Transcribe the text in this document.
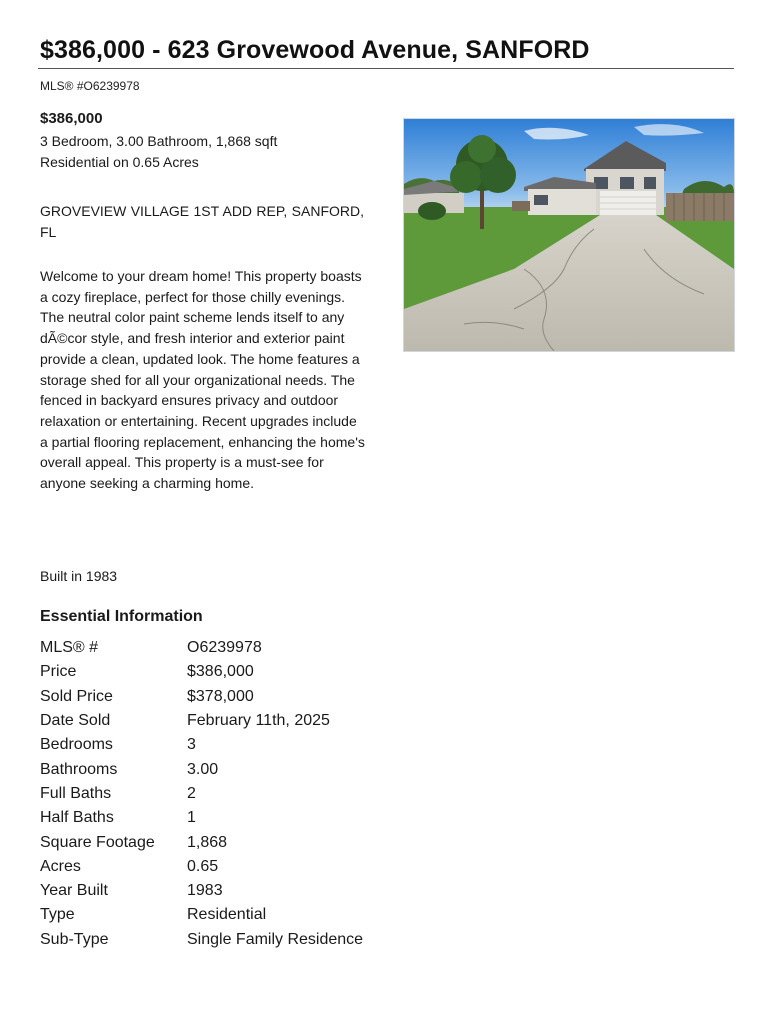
$386,000 - 623 Grovewood Avenue, SANFORD
MLS® #O6239978
$386,000
3 Bedroom, 3.00 Bathroom, 1,868 sqft
Residential on 0.65 Acres
GROVEVIEW VILLAGE 1ST ADD REP, SANFORD, FL
Welcome to your dream home! This property boasts a cozy fireplace, perfect for those chilly evenings. The neutral color paint scheme lends itself to any dÃ©cor style, and fresh interior and exterior paint provide a clean, updated look. The home features a storage shed for all your organizational needs. The fenced in backyard ensures privacy and outdoor relaxation or entertaining. Recent upgrades include a partial flooring replacement, enhancing the home's overall appeal. This property is a must-see for anyone seeking a charming home.
Built in 1983
Essential Information
MLS® #	O6239978
Price	$386,000
Sold Price	$378,000
Date Sold	February 11th, 2025
Bedrooms	3
Bathrooms	3.00
Full Baths	2
Half Baths	1
Square Footage	1,868
Acres	0.65
Year Built	1983
Type	Residential
Sub-Type	Single Family Residence
